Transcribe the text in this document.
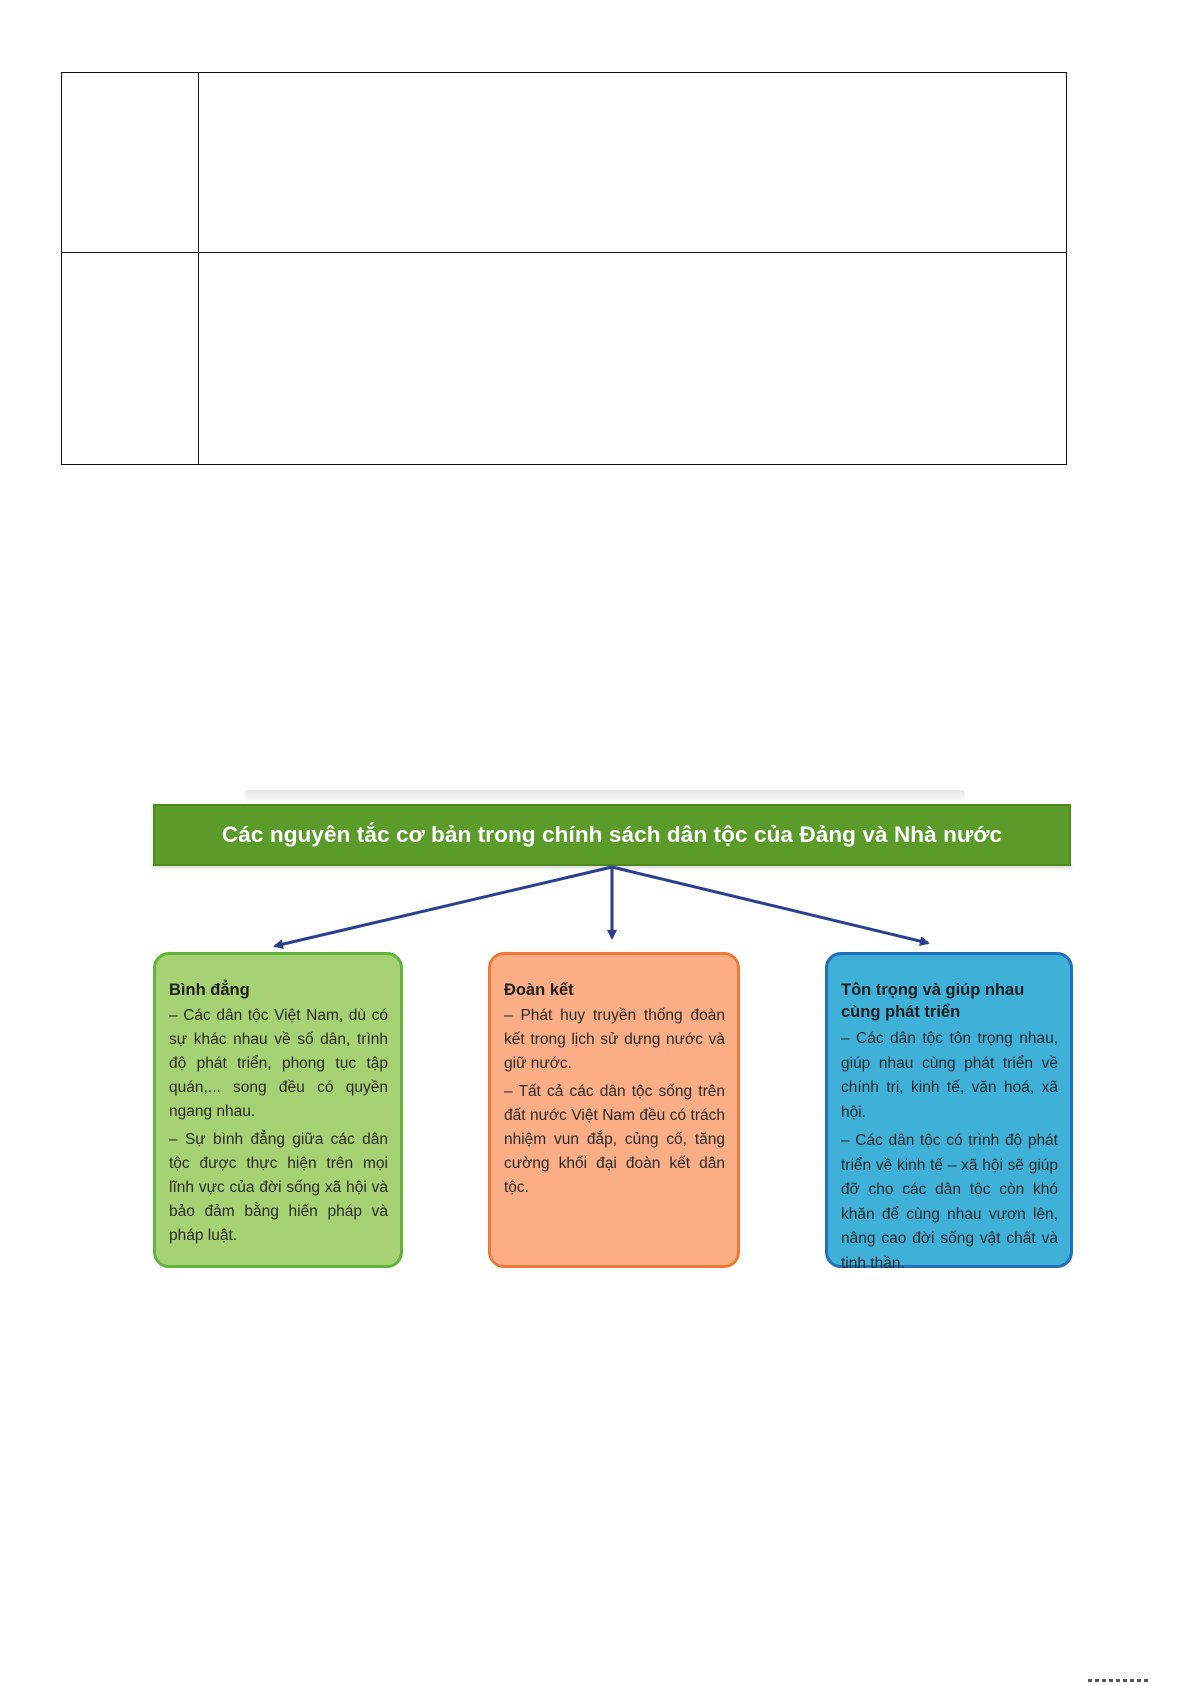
Các nguyên tắc cơ bản trong chính sách dân tộc của Đảng và Nhà nước
Bình đẳng

– Các dân tộc Việt Nam, dù có sự khác nhau về số dân, trình độ phát triển, phong tục tập quán,... song đều có quyền ngang nhau.

– Sự bình đẳng giữa các dân tộc được thực hiện trên mọi lĩnh vực của đời sống xã hội và bảo đảm bằng hiến pháp và pháp luật.

Đoàn kết

– Phát huy truyền thống đoàn kết trong lịch sử dựng nước và giữ nước.

– Tất cả các dân tộc sống trên đất nước Việt Nam đều có trách nhiệm vun đắp, củng cố, tăng cường khối đại đoàn kết dân tộc.

Tôn trọng và giúp nhau cùng phát triển

– Các dân tộc tôn trọng nhau, giúp nhau cùng phát triển về chính trị, kinh tế, văn hoá, xã hội.

– Các dân tộc có trình độ phát triển về kinh tế – xã hội sẽ giúp đỡ cho các dân tộc còn khó khăn để cùng nhau vươn lên, nâng cao đời sống vật chất và tinh thần.
